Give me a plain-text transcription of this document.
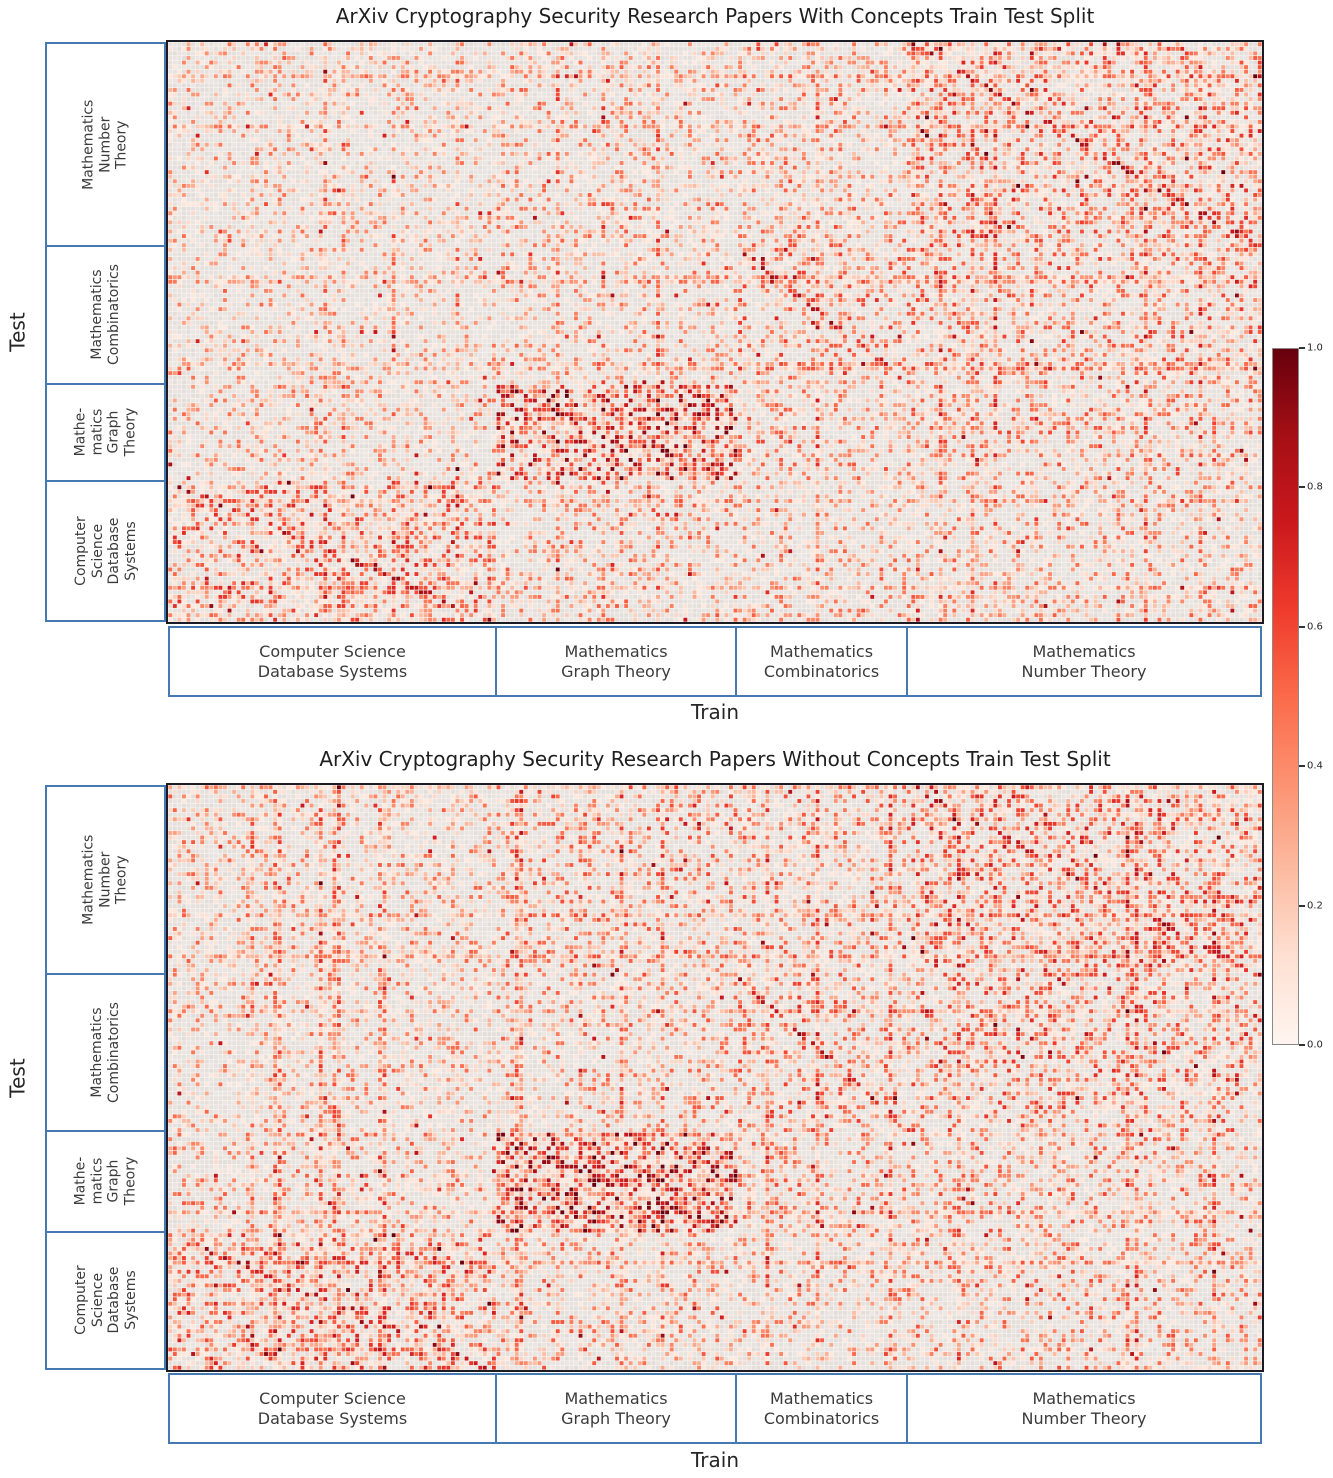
ArXiv Cryptography Security Research Papers With Concepts Train Test Split
Test
Mathematics Number Theory
Mathematics Combinatorics
Mathe- matics Graph Theory
Computer Science Database Systems
Computer Science
Database Systems
Mathematics
Graph Theory
Mathematics
Combinatorics
Mathematics
Number Theory
Train
ArXiv Cryptography Security Research Papers Without Concepts Train Test Split
Test
Mathematics Number Theory
Mathematics Combinatorics
Mathe- matics Graph Theory
Computer Science Database Systems
Computer Science
Database Systems
Mathematics
Graph Theory
Mathematics
Combinatorics
Mathematics
Number Theory
Train
1.0
0.8
0.6
0.4
0.2
0.0
